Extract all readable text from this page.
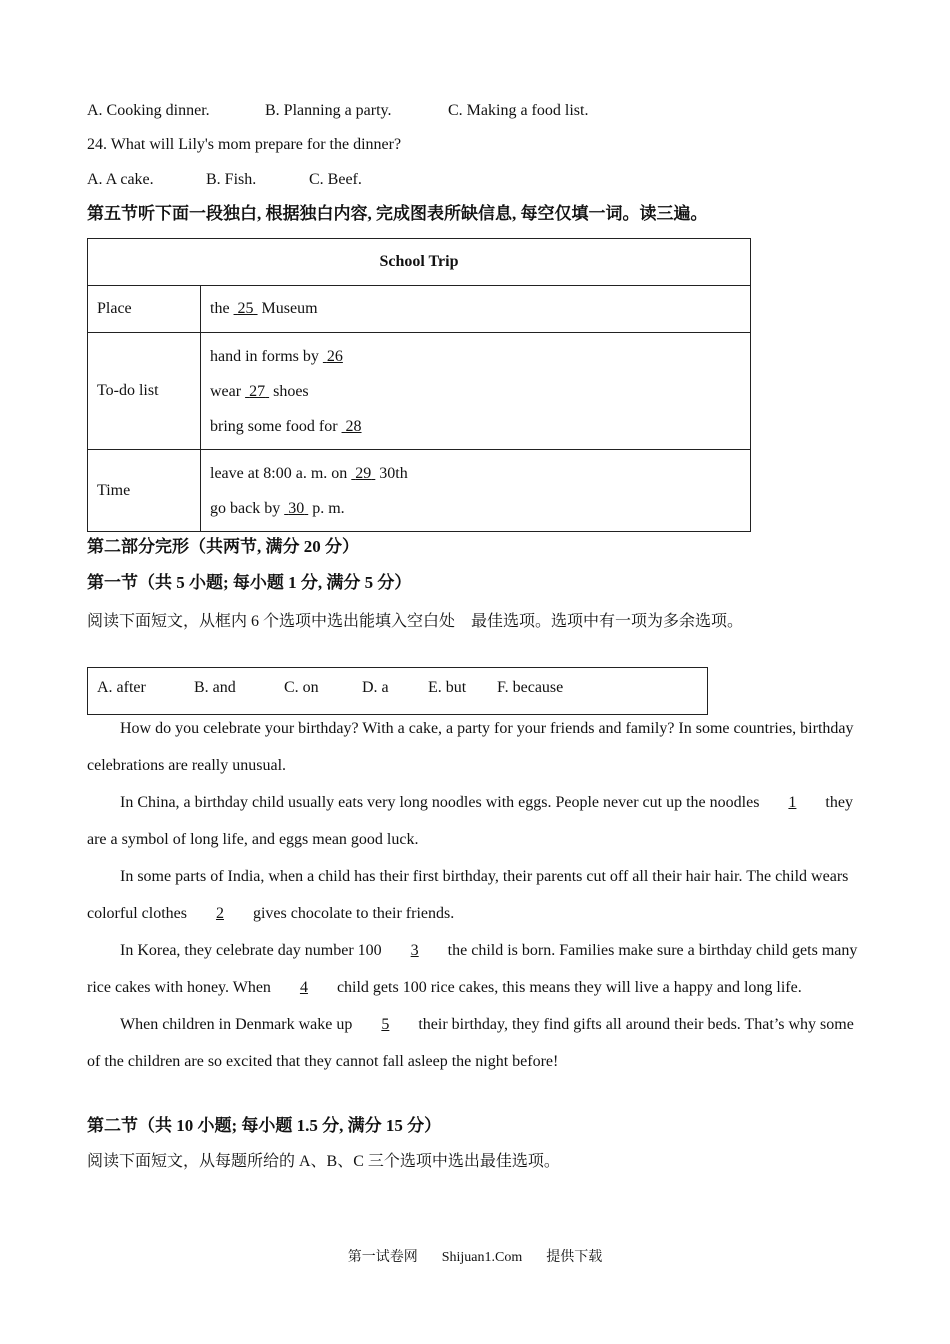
A. Cooking dinner.	B. Planning a party.	C. Making a food list.
24. What will Lily's mom prepare for the dinner?
A. A cake.	B. Fish.	C. Beef.
第五节听下面一段独白, 根据独白内容, 完成图表所缺信息, 每空仅填一词。读三遍。
School Trip	
Place	the 25 Museum
To-do list	hand in forms by 26
wear 27 shoes
bring some food for 28

Time	leave at 8:00 a. m. on 29 30th
go back by 30 p. m.
第二部分完形（共两节, 满分 20 分）
第一节（共 5 小题; 每小题 1 分, 满分 5 分）
阅读下面短文，从框内 6 个选项中选出能填入空白处　最佳选项。选项中有一项为多余选项。
A. after	B. and	C. on	D. a E. but F. because

How do you celebrate your birthday? With a cake, a party for your friends and family? In some countries, birthday celebrations are really unusual.

In China, a birthday child usually eats very long noodles with eggs. People never cut up the noodles 1 they are a symbol of long life, and eggs mean good luck.

In some parts of India, when a child has their first birthday, their parents cut off all their hair hair. The child wears colorful clothes 2 gives chocolate to their friends.

In Korea, they celebrate day number 100 3 the child is born. Families make sure a birthday child gets many rice cakes with honey. When 4 child gets 100 rice cakes, this means they will live a happy and long life.

When children in Denmark wake up 5 their birthday, they find gifts all around their beds. That’s why some of the children are so excited that they cannot fall asleep the night before!

第二节（共 10 小题; 每小题 1.5 分, 满分 15 分）
阅读下面短文，从每题所给的 A、B、C 三个选项中选出最佳选项。
第一试卷网 Shijuan1.Com 提供下载
